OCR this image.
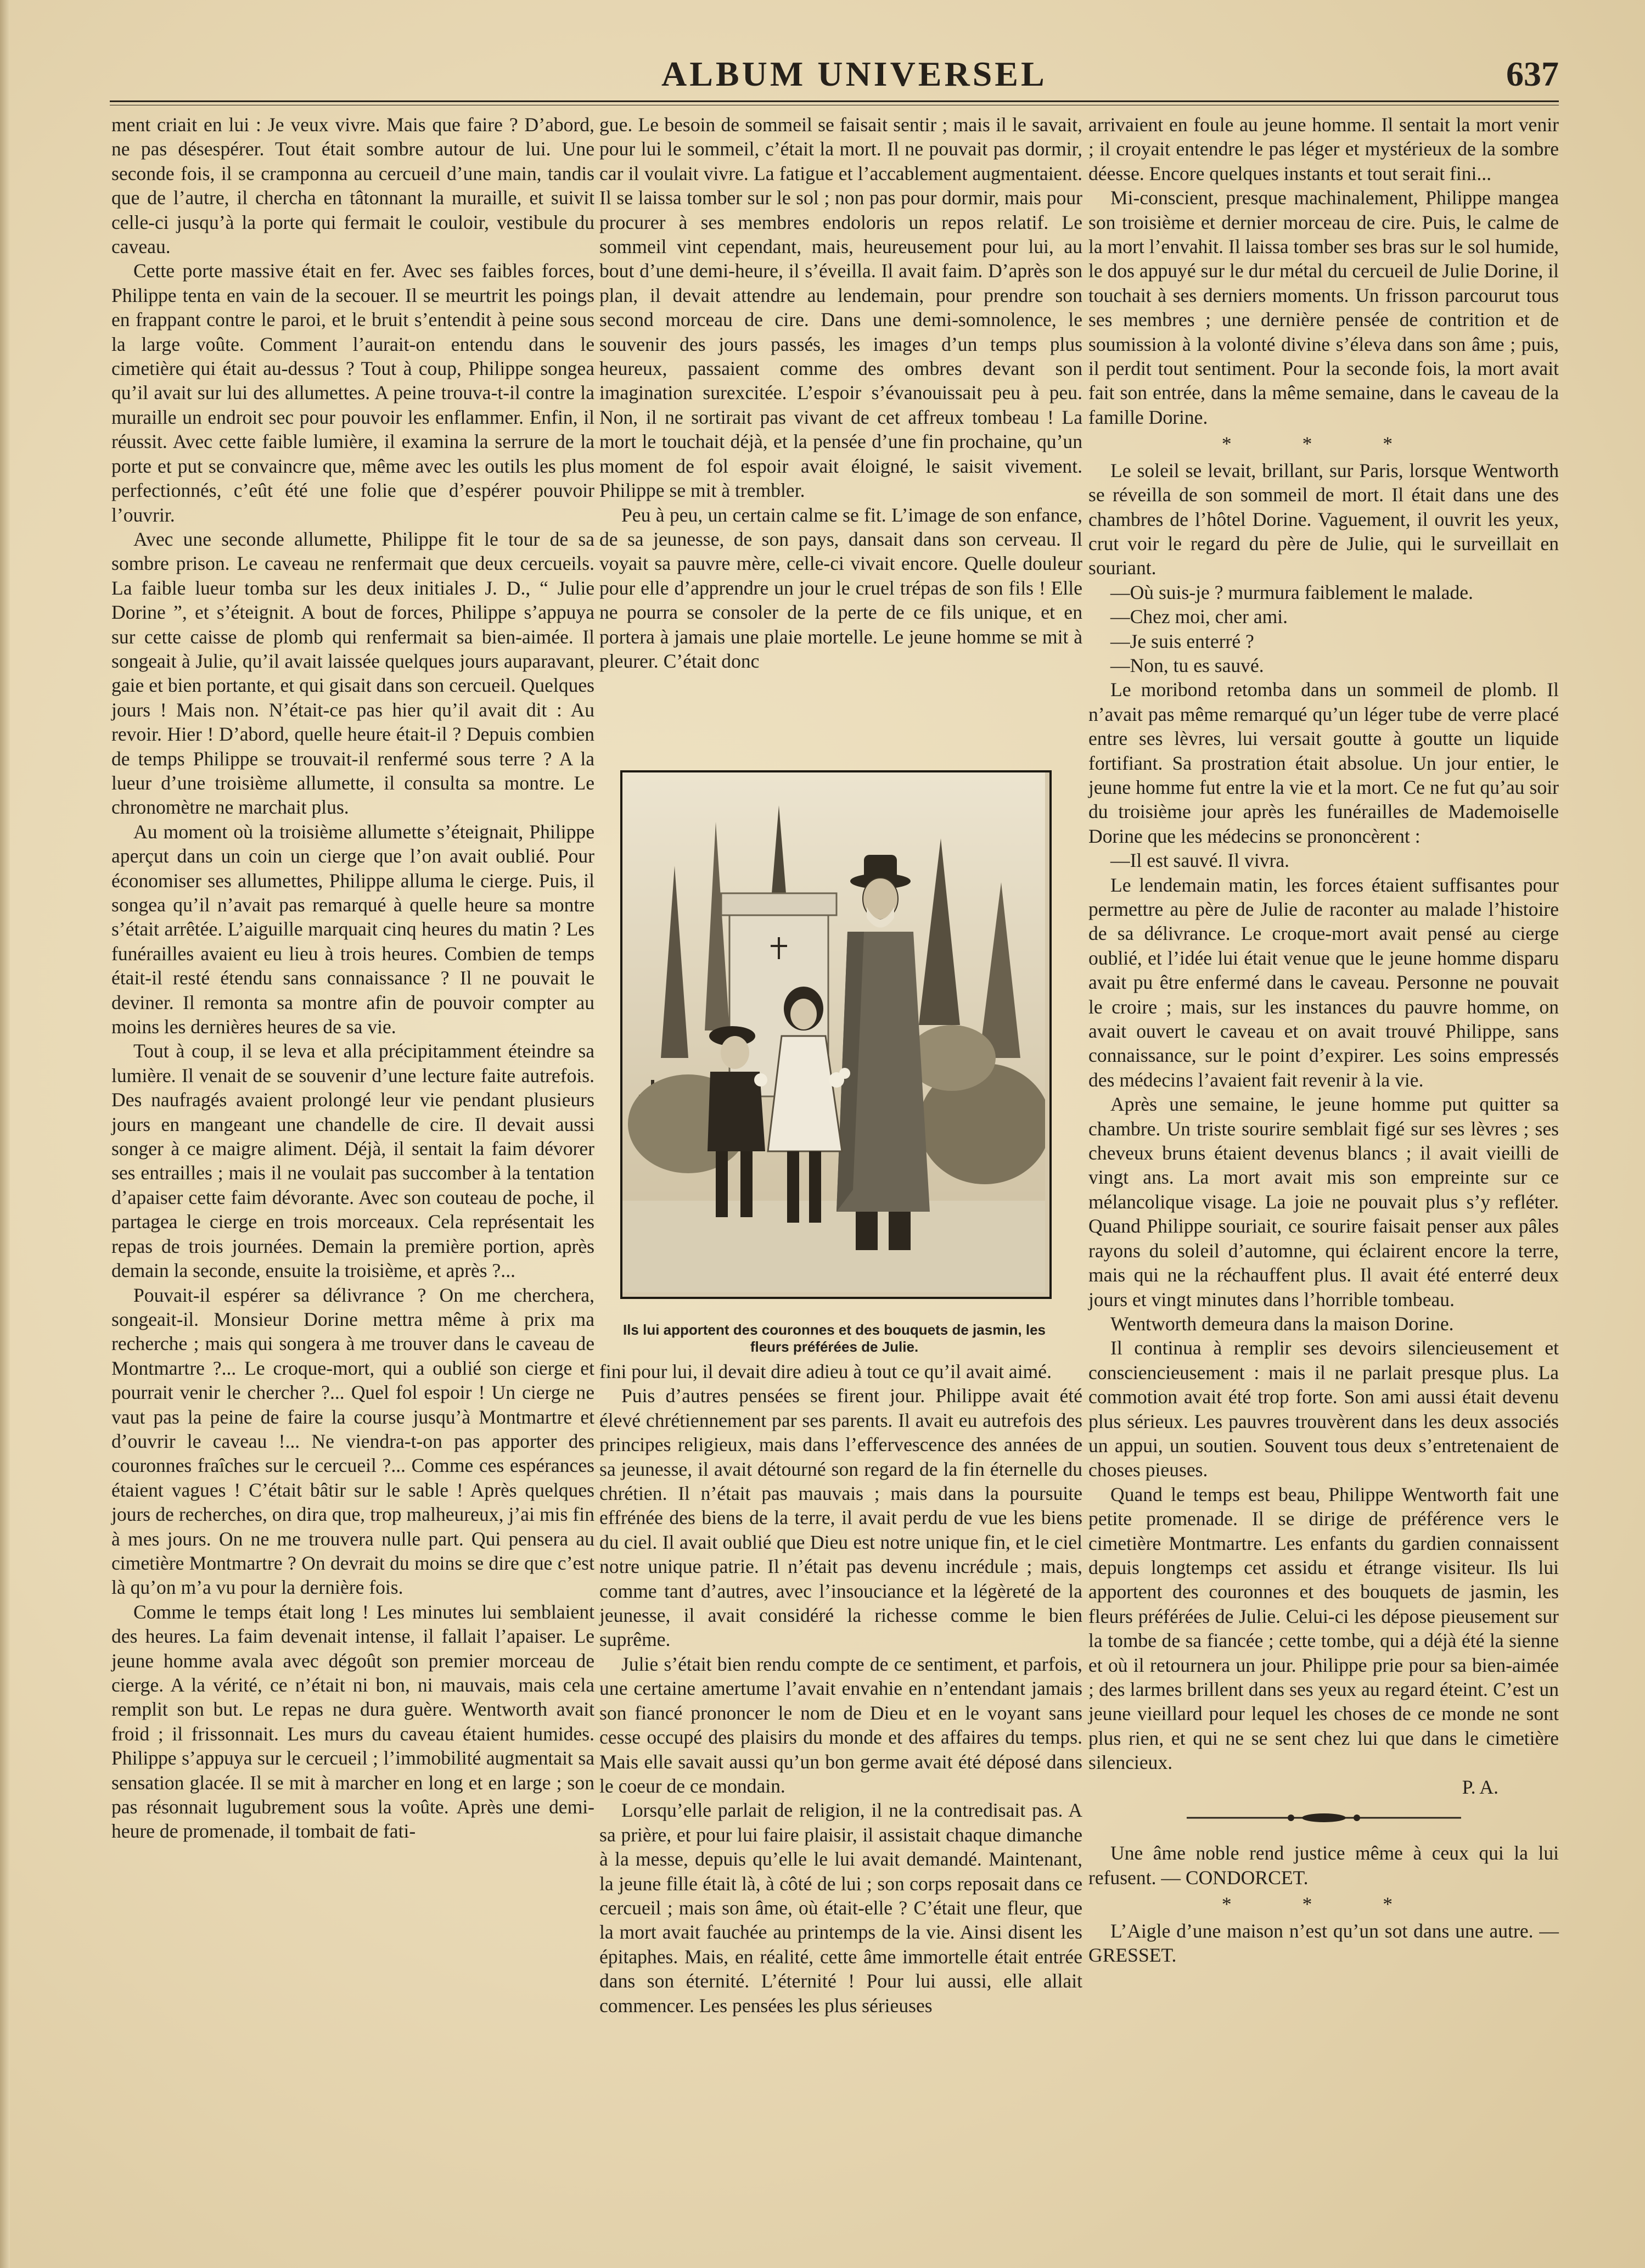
ALBUM UNIVERSEL	637

ment criait en lui : Je veux vivre. Mais que faire ? D’abord, ne pas désespérer. Tout était sombre autour de lui. Une seconde fois, il se cramponna au cercueil d’une main, tandis que de l’autre, il chercha en tâtonnant la muraille, et suivit celle-ci jusqu’à la porte qui fermait le couloir, vestibule du caveau.

Cette porte massive était en fer. Avec ses faibles forces, Philippe tenta en vain de la secouer. Il se meurtrit les poings en frappant contre le paroi, et le bruit s’entendit à peine sous la large voûte. Comment l’aurait-on entendu dans le cimetière qui était au-dessus ? Tout à coup, Philippe songea qu’il avait sur lui des allumettes. A peine trouva-t-il contre la muraille un endroit sec pour pouvoir les enflammer. Enfin, il réussit. Avec cette faible lumière, il examina la serrure de la porte et put se convaincre que, même avec les outils les plus perfectionnés, c’eût été une folie que d’espérer pouvoir l’ouvrir.

Avec une seconde allumette, Philippe fit le tour de sa sombre prison. Le caveau ne renfermait que deux cercueils. La faible lueur tomba sur les deux initiales J. D., “ Julie Dorine ”, et s’éteignit. A bout de forces, Philippe s’appuya sur cette caisse de plomb qui renfermait sa bien-aimée. Il songeait à Julie, qu’il avait laissée quelques jours auparavant, gaie et bien portante, et qui gisait dans son cercueil. Quelques jours ! Mais non. N’était-ce pas hier qu’il avait dit : Au revoir. Hier ! D’abord, quelle heure était-il ? Depuis combien de temps Philippe se trouvait-il renfermé sous terre ? A la lueur d’une troisième allumette, il consulta sa montre. Le chronomètre ne marchait plus.

Au moment où la troisième allumette s’éteignait, Philippe aperçut dans un coin un cierge que l’on avait oublié. Pour économiser ses allumettes, Philippe alluma le cierge. Puis, il songea qu’il n’avait pas remarqué à quelle heure sa montre s’était arrêtée. L’aiguille marquait cinq heures du matin ? Les funérailles avaient eu lieu à trois heures. Combien de temps était-il resté étendu sans connaissance ? Il ne pouvait le deviner. Il remonta sa montre afin de pouvoir compter au moins les dernières heures de sa vie.

Tout à coup, il se leva et alla précipitamment éteindre sa lumière. Il venait de se souvenir d’une lecture faite autrefois. Des naufragés avaient prolongé leur vie pendant plusieurs jours en mangeant une chandelle de cire. Il devait aussi songer à ce maigre aliment. Déjà, il sentait la faim dévorer ses entrailles ; mais il ne voulait pas succomber à la tentation d’apaiser cette faim dévorante. Avec son couteau de poche, il partagea le cierge en trois morceaux. Cela représentait les repas de trois journées. Demain la première portion, après demain la seconde, ensuite la troisième, et après ?...

Pouvait-il espérer sa délivrance ? On me cherchera, songeait-il. Monsieur Dorine mettra même à prix ma recherche ; mais qui songera à me trouver dans le caveau de Montmartre ?... Le croque-mort, qui a oublié son cierge et pourrait venir le chercher ?... Quel fol espoir ! Un cierge ne vaut pas la peine de faire la course jusqu’à Montmartre et d’ouvrir le caveau !... Ne viendra-t-on pas apporter des couronnes fraîches sur le cercueil ?... Comme ces espérances étaient vagues ! C’était bâtir sur le sable ! Après quelques jours de recherches, on dira que, trop malheureux, j’ai mis fin à mes jours. On ne me trouvera nulle part. Qui pensera au cimetière Montmartre ? On devrait du moins se dire que c’est là qu’on m’a vu pour la dernière fois.

Comme le temps était long ! Les minutes lui semblaient des heures. La faim devenait intense, il fallait l’apaiser. Le jeune homme avala avec dégoût son premier morceau de cierge. A la vérité, ce n’était ni bon, ni mauvais, mais cela remplit son but. Le repas ne dura guère. Wentworth avait froid ; il frissonnait. Les murs du caveau étaient humides. Philippe s’appuya sur le cercueil ; l’immobilité augmentait sa sensation glacée. Il se mit à marcher en long et en large ; son pas résonnait lugubrement sous la voûte. Après une demi-heure de promenade, il tombait de fati-

gue. Le besoin de sommeil se faisait sentir ; mais il le savait, pour lui le sommeil, c’était la mort. Il ne pouvait pas dormir, car il voulait vivre. La fatigue et l’accablement augmentaient. Il se laissa tomber sur le sol ; non pas pour dormir, mais pour procurer à ses membres endoloris un repos relatif. Le sommeil vint cependant, mais, heureusement pour lui, au bout d’une demi-heure, il s’éveilla. Il avait faim. D’après son plan, il devait attendre au lendemain, pour prendre son second morceau de cire. Dans une demi-somnolence, le souvenir des jours passés, les images d’un temps plus heureux, passaient comme des ombres devant son imagination surexcitée. L’espoir s’évanouissait peu à peu. Non, il ne sortirait pas vivant de cet affreux tombeau ! La mort le touchait déjà, et la pensée d’une fin prochaine, qu’un moment de fol espoir avait éloigné, le saisit vivement. Philippe se mit à trembler.

Peu à peu, un certain calme se fit. L’image de son enfance, de sa jeunesse, de son pays, dansait dans son cerveau. Il voyait sa pauvre mère, celle-ci vivait encore. Quelle douleur pour elle d’apprendre un jour le cruel trépas de son fils ! Elle ne pourra se consoler de la perte de ce fils unique, et en portera à jamais une plaie mortelle. Le jeune homme se mit à pleurer. C’était donc

Ils lui apportent des couronnes et des bouquets de jasmin, les fleurs préférées de Julie.

fini pour lui, il devait dire adieu à tout ce qu’il avait aimé.

Puis d’autres pensées se firent jour. Philippe avait été élevé chrétiennement par ses parents. Il avait eu autrefois des principes religieux, mais dans l’effervescence des années de sa jeunesse, il avait détourné son regard de la fin éternelle du chrétien. Il n’était pas mauvais ; mais dans la poursuite effrénée des biens de la terre, il avait perdu de vue les biens du ciel. Il avait oublié que Dieu est notre unique fin, et le ciel notre unique patrie. Il n’était pas devenu incrédule ; mais, comme tant d’autres, avec l’insouciance et la légèreté de la jeunesse, il avait considéré la richesse comme le bien suprême.

Julie s’était bien rendu compte de ce sentiment, et parfois, une certaine amertume l’avait envahie en n’entendant jamais son fiancé prononcer le nom de Dieu et en le voyant sans cesse occupé des plaisirs du monde et des affaires du temps. Mais elle savait aussi qu’un bon germe avait été déposé dans le coeur de ce mondain.

Lorsqu’elle parlait de religion, il ne la contredisait pas. A sa prière, et pour lui faire plaisir, il assistait chaque dimanche à la messe, depuis qu’elle le lui avait demandé. Maintenant, la jeune fille était là, à côté de lui ; son corps reposait dans ce cercueil ; mais son âme, où était-elle ? C’était une fleur, que la mort avait fauchée au printemps de la vie. Ainsi disent les épitaphes. Mais, en réalité, cette âme immortelle était entrée dans son éternité. L’éternité ! Pour lui aussi, elle allait commencer. Les pensées les plus sérieuses

arrivaient en foule au jeune homme. Il sentait la mort venir ; il croyait entendre le pas léger et mystérieux de la sombre déesse. Encore quelques instants et tout serait fini...

Mi-conscient, presque machinalement, Philippe mangea son troisième et dernier morceau de cire. Puis, le calme de la mort l’envahit. Il laissa tomber ses bras sur le sol humide, le dos appuyé sur le dur métal du cercueil de Julie Dorine, il touchait à ses derniers moments. Un frisson parcourut tous ses membres ; une dernière pensée de contrition et de soumission à la volonté divine s’éleva dans son âme ; puis, il perdit tout sentiment. Pour la seconde fois, la mort avait fait son entrée, dans la même semaine, dans le caveau de la famille Dorine.

* * *

Le soleil se levait, brillant, sur Paris, lorsque Wentworth se réveilla de son sommeil de mort. Il était dans une des chambres de l’hôtel Dorine. Vaguement, il ouvrit les yeux, crut voir le regard du père de Julie, qui le surveillait en souriant.

—Où suis-je ? murmura faiblement le malade.

—Chez moi, cher ami.

—Je suis enterré ?

—Non, tu es sauvé.

Le moribond retomba dans un sommeil de plomb. Il n’avait pas même remarqué qu’un léger tube de verre placé entre ses lèvres, lui versait goutte à goutte un liquide fortifiant. Sa prostration était absolue. Un jour entier, le jeune homme fut entre la vie et la mort. Ce ne fut qu’au soir du troisième jour après les funérailles de Mademoiselle Dorine que les médecins se prononcèrent :

—Il est sauvé. Il vivra.

Le lendemain matin, les forces étaient suffisantes pour permettre au père de Julie de raconter au malade l’histoire de sa délivrance. Le croque-mort avait pensé au cierge oublié, et l’idée lui était venue que le jeune homme disparu avait pu être enfermé dans le caveau. Personne ne pouvait le croire ; mais, sur les instances du pauvre homme, on avait ouvert le caveau et on avait trouvé Philippe, sans connaissance, sur le point d’expirer. Les soins empressés des médecins l’avaient fait revenir à la vie.

Après une semaine, le jeune homme put quitter sa chambre. Un triste sourire semblait figé sur ses lèvres ; ses cheveux bruns étaient devenus blancs ; il avait vieilli de vingt ans. La mort avait mis son empreinte sur ce mélancolique visage. La joie ne pouvait plus s’y refléter. Quand Philippe souriait, ce sourire faisait penser aux pâles rayons du soleil d’automne, qui éclairent encore la terre, mais qui ne la réchauffent plus. Il avait été enterré deux jours et vingt minutes dans l’horrible tombeau.

Wentworth demeura dans la maison Dorine.

Il continua à remplir ses devoirs silencieusement et consciencieusement : mais il ne parlait presque plus. La commotion avait été trop forte. Son ami aussi était devenu plus sérieux. Les pauvres trouvèrent dans les deux associés un appui, un soutien. Souvent tous deux s’entretenaient de choses pieuses.

Quand le temps est beau, Philippe Wentworth fait une petite promenade. Il se dirige de préférence vers le cimetière Montmartre. Les enfants du gardien connaissent depuis longtemps cet assidu et étrange visiteur. Ils lui apportent des couronnes et des bouquets de jasmin, les fleurs préférées de Julie. Celui-ci les dépose pieusement sur la tombe de sa fiancée ; cette tombe, qui a déjà été la sienne et où il retournera un jour. Philippe prie pour sa bien-aimée ; des larmes brillent dans ses yeux au regard éteint. C’est un jeune vieillard pour lequel les choses de ce monde ne sont plus rien, et qui ne se sent chez lui que dans le cimetière silencieux.

P. A.

Une âme noble rend justice même à ceux qui la lui refusent. — CONDORCET.

* * *

L’Aigle d’une maison n’est qu’un sot dans une autre. — GRESSET.
